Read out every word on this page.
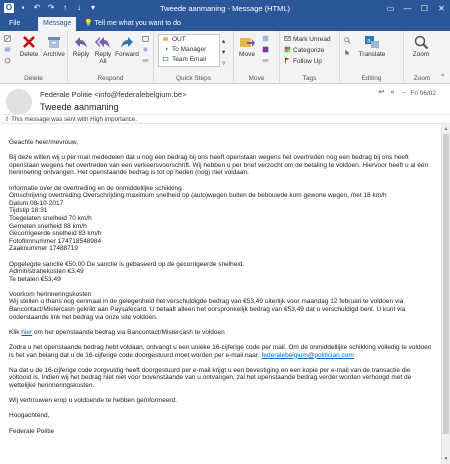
O	▪	↶ ↷	↑	↓	▾	Tweede aanmaning - Message (HTML)	▭	—	☐	✕
File	Message	💡 Tell me what you want to do
Delete Archive
Delete
Reply Reply All
Forward
Respond
OUT
To Manager
Team Email
▴
▾
▿
Quick Steps
Move
Move
Mark Unread
Categorize
Follow Up
Tags
a
Translate
Editing
Zoom
Zoom	⌃
Federale Politie <info@federalebelgium.be>
Tweede aanmaning
↩ « → Fri 06/02
! This message was sent with High importance.

Geachte heer/mevrouw,

Bij deze willen wij u per mail mededelen dat u nog een bedrag bij ons heeft openstaan wegens het overtreden nog een bedrag bij ons heeft openstaan wegens het overtreden van een verkeersvoorschrift. Wij hebben u per brief verzocht om de betaling te voldoen. Hiervoor heeft u al één herinnering ontvangen. Het openstaande bedrag is tot op heden (nog) niet voldaan.

Informatie over de overtreding en de onmiddellijke schikking
Omschrijving overtreding Overschrijding maximum snelheid op (auto)wegen buiten de bebouwde kom gewone wegen, met 18 km/h
Datum 08-10-2017
Tijdstip 18:31
Toegelaten snelheid 70 km/h
Gemeten snelheid 88 km/h
Gecorrigeerde snelheid 83 km/h
Fotofilmnummer 174718548984
Zaaknummer 17488719

Opgelegde sanctie €50,00 De sanctie is gebaseerd op de gecorrigeerde snelheid.
Administratiekosten €3,49
Te betalen €53,49

Voorkom herinneringskosten
Wij stellen u thans nog eenmaal in de gelegenheid het verschuldigde bedrag van €53,49 uiterlijk voor maandag 12 februari te voldoen via Bancontact/Mistercash gekrikt aan Paysafecard. U betaalt alleen het oorspronkelijk bedrag van €53,49 dat u verschuldigd bent. U kunt via onderstaande link het bedrag via onze site voldoen.

Klik hier om het openstaande bedrag via Bancontact/Mistercash te voldoen

Zodra u het openstaande bedrag hebt voldaan, ontvangt u een unieke 16-cijferige code per mail. Om de onmiddellijke schikking volledig te voldoen is het van belang dat u de 16-cijferige code doorgestuurd moet worden per e-mail naar: federalebelgium@politician.com

Na dat u de 16-cijferige code zorgvuldig heeft doorgestuurd per e-mail krijgt u een bevestiging en een kopie per e-mail van de transactie die voltooid is. Indien wij het bedrag niet niet voor bovenstaande van u ontvangen, zal het openstaande bedrag verder worden verhoogd met de wettelijke herinneringskosten.

Wij vertrouwen erop u voldoende te hebben geïnformeerd.

Hoogachtend,

Federale Politie

▲
▼
